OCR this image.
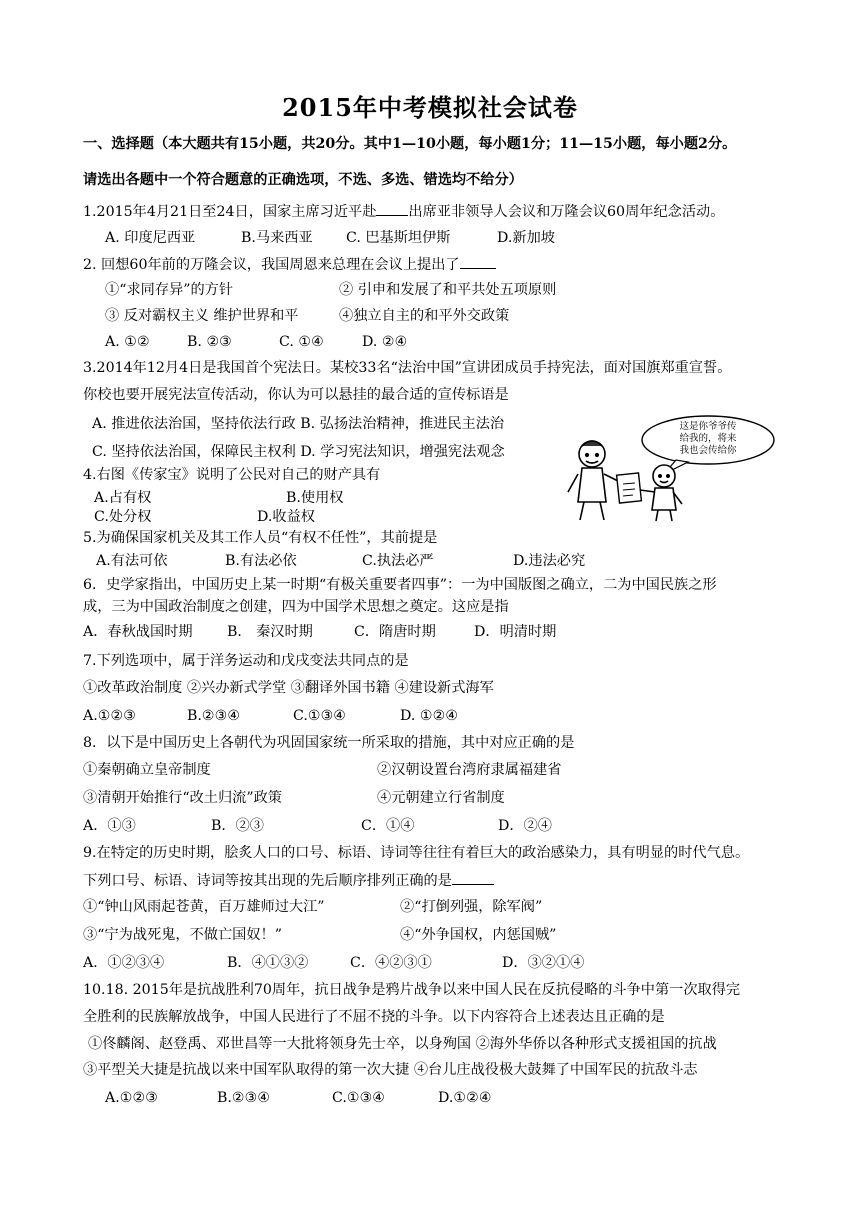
2015年中考模拟社会试卷
一、选择题（本大题共有15小题，共20分。其中1—10小题，每小题1分；11—15小题，每小题2分。
请选出各题中一个符合题意的正确选项，不选、多选、错选均不给分）
1.2015年4月21日至24日，国家主席习近平赴 出席亚非领导人会议和万隆会议60周年纪念活动。
A. 印度尼西亚	B.马来西亚 C. 巴基斯坦伊斯	D.新加坡
2. 回想60年前的万隆会议，我国周恩来总理在会议上提出了
①“求同存异”的方针	② 引申和发展了和平共处五项原则
③ 反对霸权主义 维护世界和平	④独立自主的和平外交政策
A. ①②	B. ②③	C. ①④	D. ②④
3.2014年12月4日是我国首个宪法日。某校33名“法治中国”宣讲团成员手持宪法，面对国旗郑重宣誓。
你校也要开展宪法宣传活动，你认为可以悬挂的最合适的宣传标语是
A. 推进依法治国，坚持依法行政 B. 弘扬法治精神，推进民主法治
C. 坚持依法治国，保障民主权利 D. 学习宪法知识，增强宪法观念
这是你爷爷传
给我的，将来
我也会传给你
4.右图《传家宝》说明了公民对自己的财产具有
A.占有权	B.使用权
C.处分权	D.收益权
5.为确保国家机关及其工作人员“有权不任性”，其前提是
A.有法可依	B.有法必依	C.执法必严	D.违法必究
6．史学家指出，中国历史上某一时期“有极关重要者四事”：一为中国版图之确立，二为中国民族之形
成，三为中国政治制度之创建，四为中国学术思想之奠定。这应是指
A．春秋战国时期 B． 秦汉时期	C．隋唐时期	D．明清时期
7.下列选项中，属于洋务运动和戊戌变法共同点的是
①改革政治制度 ②兴办新式学堂 ③翻译外国书籍 ④建设新式海军
A.①②③	B.②③④	C.①③④	D. ①②④
8．以下是中国历史上各朝代为巩固国家统一所采取的措施，其中对应正确的是
①秦朝确立皇帝制度	②汉朝设置台湾府隶属福建省
③清朝开始推行“改土归流”政策	④元朝建立行省制度
A．①③	B．②③	C．①④	D．②④
9.在特定的历史时期，脍炙人口的口号、标语、诗词等往往有着巨大的政治感染力，具有明显的时代气息。
下列口号、标语、诗词等按其出现的先后顺序排列正确的是
①“钟山风雨起苍黄，百万雄师过大江”	②“打倒列强，除军阀”
③“宁为战死鬼，不做亡国奴！”	④“外争国权，内惩国贼”
A．①②③④	B．④①③②	C．④②③①	D．③②①④
10.18. 2015年是抗战胜利70周年，抗日战争是鸦片战争以来中国人民在反抗侵略的斗争中第一次取得完
全胜利的民族解放战争，中国人民进行了不屈不挠的斗争。以下内容符合上述表达且正确的是
①佟麟阁、赵登禹、邓世昌等一大批将领身先士卒，以身殉国 ②海外华侨以各种形式支援祖国的抗战
③平型关大捷是抗战以来中国军队取得的第一次大捷 ④台儿庄战役极大鼓舞了中国军民的抗敌斗志
A.①②③	B.②③④	C.①③④	D.①②④
